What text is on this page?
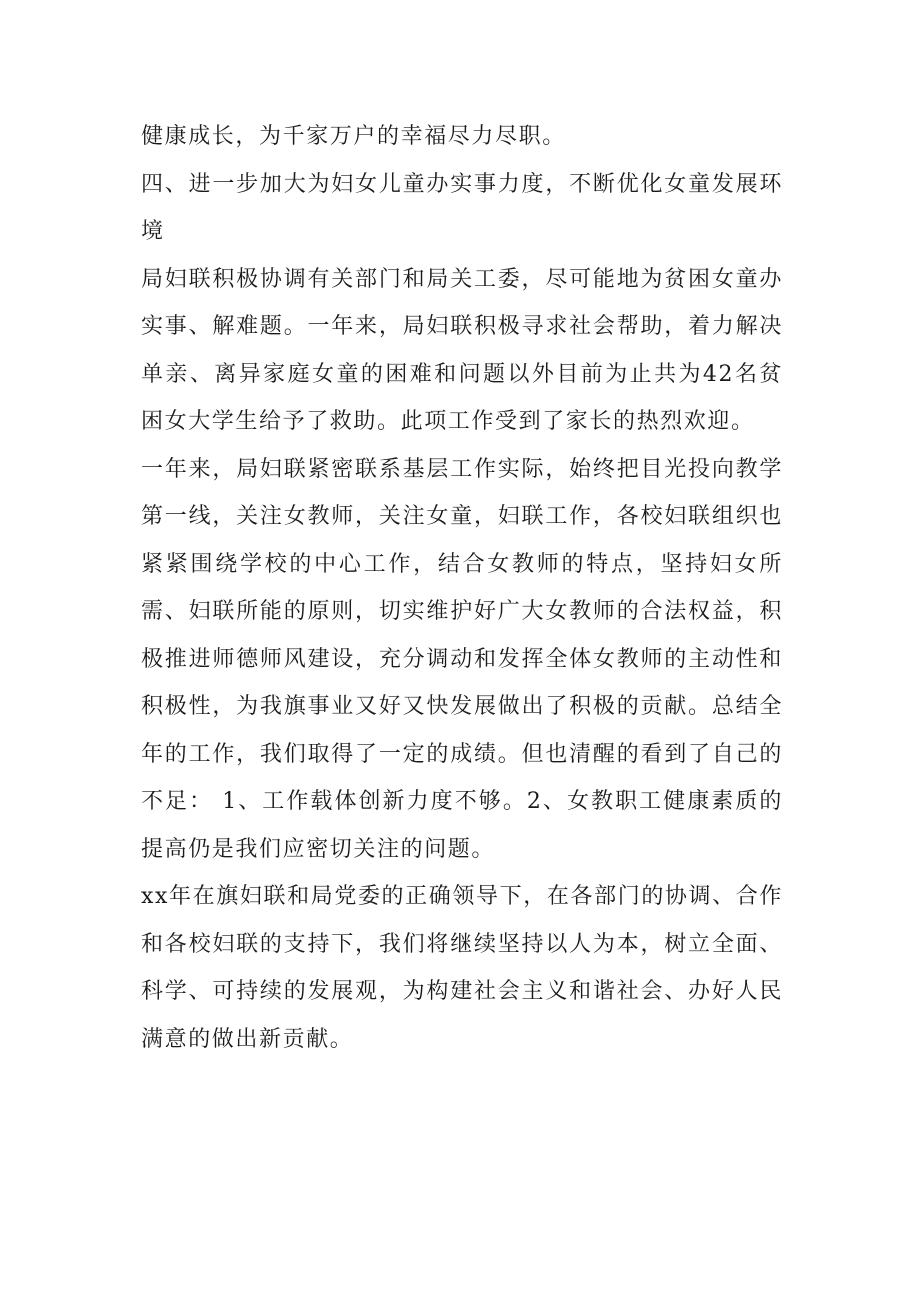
健康成长，为千家万户的幸福尽力尽职。

四、进一步加大为妇女儿童办实事力度，不断优化女童发展环境

局妇联积极协调有关部门和局关工委，尽可能地为贫困女童办实事、解难题。一年来，局妇联积极寻求社会帮助，着力解决单亲、离异家庭女童的困难和问题以外目前为止共为42名贫困女大学生给予了救助。此项工作受到了家长的热烈欢迎。

一年来，局妇联紧密联系基层工作实际，始终把目光投向教学第一线，关注女教师，关注女童，妇联工作，各校妇联组织也紧紧围绕学校的中心工作，结合女教师的特点，坚持妇女所需、妇联所能的原则，切实维护好广大女教师的合法权益，积极推进师德师风建设，充分调动和发挥全体女教师的主动性和积极性，为我旗事业又好又快发展做出了积极的贡献。总结全年的工作，我们取得了一定的成绩。但也清醒的看到了自己的不足： 1、工作载体创新力度不够。2、女教职工健康素质的提高仍是我们应密切关注的问题。

xx年在旗妇联和局党委的正确领导下，在各部门的协调、合作和各校妇联的支持下，我们将继续坚持以人为本，树立全面、科学、可持续的发展观，为构建社会主义和谐社会、办好人民满意的做出新贡献。
